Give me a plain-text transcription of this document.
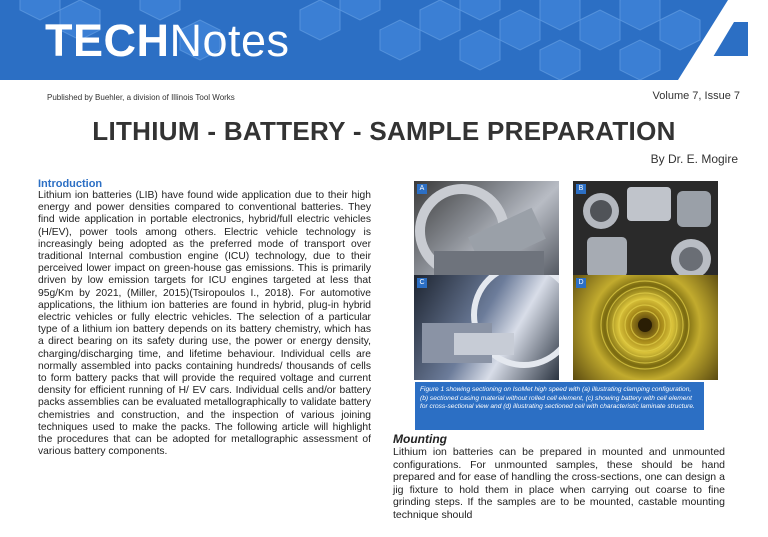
TECHNotes
Published by Buehler, a division of Illinois Tool Works	Volume 7, Issue 7
LITHIUM - BATTERY - SAMPLE PREPARATION
By Dr. E. Mogire
Introduction
Lithium ion batteries (LIB) have found wide application due to their high energy and power densities compared to conventional batteries. They find wide application in portable electronics, hybrid/full electric vehicles (H/EV), power tools among others. Electric vehicle technology is increasingly being adopted as the preferred mode of transport over traditional Internal combustion engine (ICU) technology, due to their perceived lower impact on green-house gas emissions. This is primarily driven by low emission targets for ICU engines targeted at less that 95g/Km by 2021, (Miller, 2015)(Tsiropoulos I., 2018). For automotive applications, the lithium ion batteries are found in hybrid, plug-in hybrid electric vehicles or fully electric vehicles. The selection of a particular type of a lithium ion battery depends on its battery chemistry, which has a direct bearing on its safety during use, the power or energy density, charging/discharging time, and lifetime behaviour. Individual cells are normally assembled into packs containing hundreds/ thousands of cells to form battery packs that will provide the required voltage and current density for efficient running of H/ EV cars. Individual cells and/or battery packs assemblies can be evaluated metallographically to validate battery chemistries and construction, and the inspection of various joining techniques used to make the packs. The following article will highlight the procedures that can be adopted for metallographic assessment of various battery components.
A	B
C	D
Figure 1 showing sectioning on IsoMet high speed with (a) illustrating clamping configuration, (b) sectioned casing material without rolled cell element, (c) showing battery with cell element for cross-sectional view and (d) illustrating sectioned cell with characteristic laminate structure.
Mounting
Lithium ion batteries can be prepared in mounted and unmounted configurations. For unmounted samples, these should be hand prepared and for ease of handling the cross-sections, one can design a jig fixture to hold them in place when carrying out coarse to fine grinding steps. If the samples are to be mounted, castable mounting technique should
